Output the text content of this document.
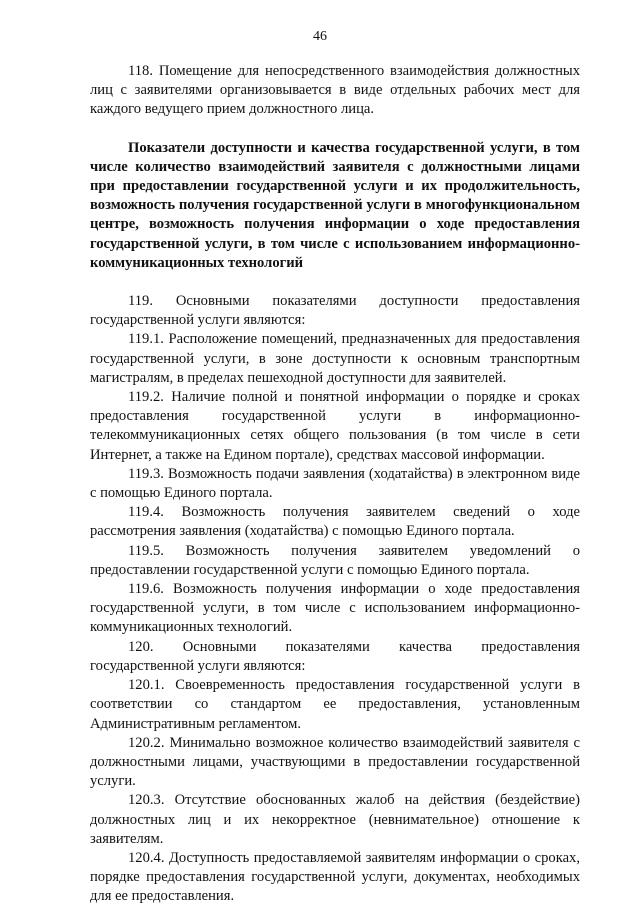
46

118. Помещение для непосредственного взаимодействия должностных лиц с заявителями организовывается в виде отдельных рабочих мест для каждого ведущего прием должностного лица.

Показатели доступности и качества государственной услуги, в том числе количество взаимодействий заявителя с должностными лицами при предоставлении государственной услуги и их продолжительность, возможность получения государственной услуги в многофункциональном центре, возможность получения информации о ходе предоставления государственной услуги, в том числе с использованием информационно-коммуникационных технологий

119. Основными показателями доступности предоставления государственной услуги являются:

119.1. Расположение помещений, предназначенных для предоставления государственной услуги, в зоне доступности к основным транспортным магистралям, в пределах пешеходной доступности для заявителей.

119.2. Наличие полной и понятной информации о порядке и сроках предоставления государственной услуги в информационно-телекоммуникационных сетях общего пользования (в том числе в сети Интернет, а также на Едином портале), средствах массовой информации.

119.3. Возможность подачи заявления (ходатайства) в электронном виде с помощью Единого портала.

119.4. Возможность получения заявителем сведений о ходе рассмотрения заявления (ходатайства) с помощью Единого портала.

119.5. Возможность получения заявителем уведомлений о предоставлении государственной услуги с помощью Единого портала.

119.6. Возможность получения информации о ходе предоставления государственной услуги, в том числе с использованием информационно-коммуникационных технологий.

120. Основными показателями качества предоставления государственной услуги являются:

120.1. Своевременность предоставления государственной услуги в соответствии со стандартом ее предоставления, установленным Административным регламентом.

120.2. Минимально возможное количество взаимодействий заявителя с должностными лицами, участвующими в предоставлении государственной услуги.

120.3. Отсутствие обоснованных жалоб на действия (бездействие) должностных лиц и их некорректное (невнимательное) отношение к заявителям.

120.4. Доступность предоставляемой заявителям информации о сроках, порядке предоставления государственной услуги, документах, необходимых для ее предоставления.
